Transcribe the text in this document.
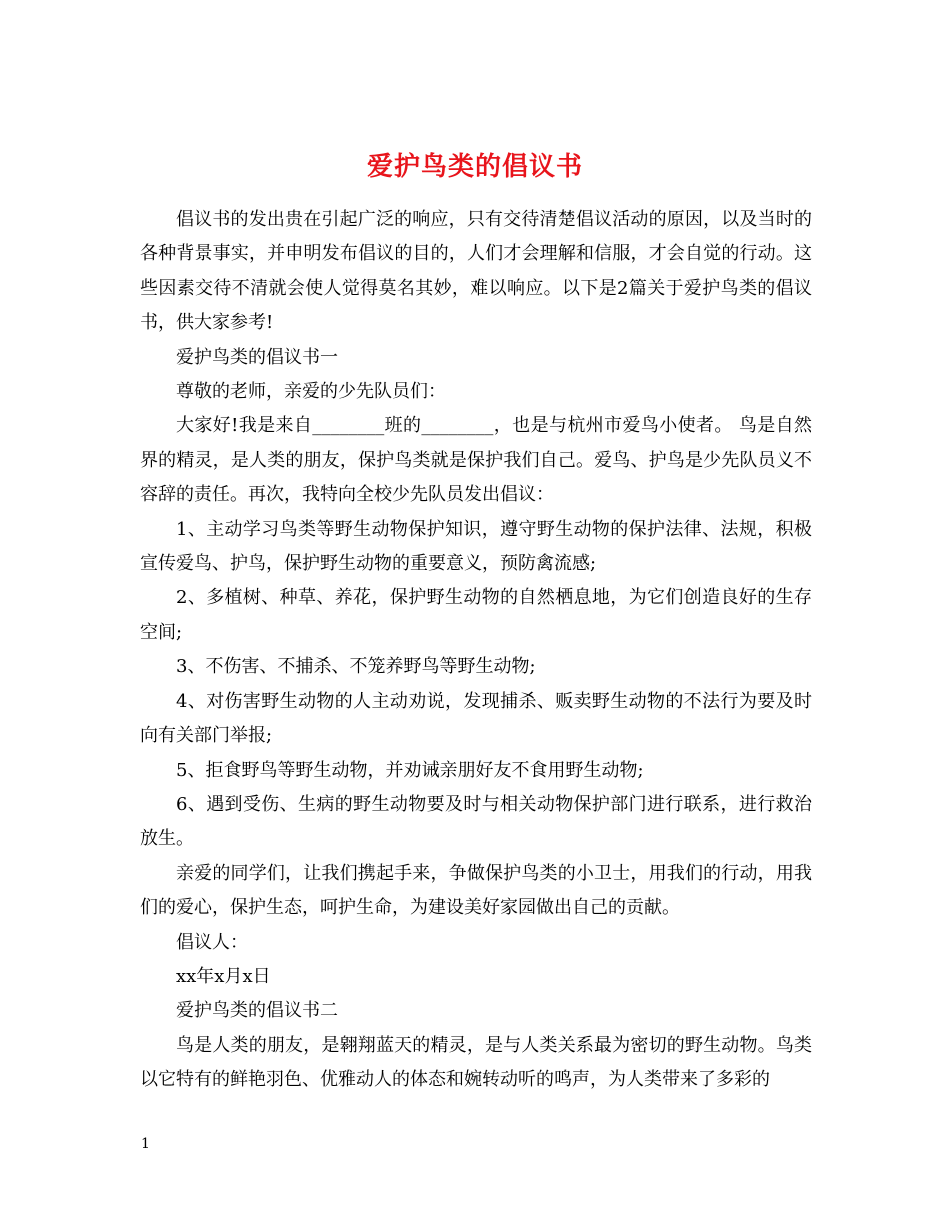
爱护鸟类的倡议书

倡议书的发出贵在引起广泛的响应，只有交待清楚倡议活动的原因，以及当时的各种背景事实，并申明发布倡议的目的，人们才会理解和信服，才会自觉的行动。这些因素交待不清就会使人觉得莫名其妙，难以响应。以下是2篇关于爱护鸟类的倡议书，供大家参考!

爱护鸟类的倡议书一

尊敬的老师，亲爱的少先队员们：

大家好!我是来自________班的________，也是与杭州市爱鸟小使者。 鸟是自然界的精灵，是人类的朋友，保护鸟类就是保护我们自己。爱鸟、护鸟是少先队员义不容辞的责任。再次，我特向全校少先队员发出倡议：

1、主动学习鸟类等野生动物保护知识，遵守野生动物的保护法律、法规，积极宣传爱鸟、护鸟，保护野生动物的重要意义，预防禽流感;

2、多植树、种草、养花，保护野生动物的自然栖息地，为它们创造良好的生存空间;

3、不伤害、不捕杀、不笼养野鸟等野生动物;

4、对伤害野生动物的人主动劝说，发现捕杀、贩卖野生动物的不法行为要及时向有关部门举报;

5、拒食野鸟等野生动物，并劝诫亲朋好友不食用野生动物;

6、遇到受伤、生病的野生动物要及时与相关动物保护部门进行联系，进行救治放生。

亲爱的同学们，让我们携起手来，争做保护鸟类的小卫士，用我们的行动，用我们的爱心，保护生态，呵护生命，为建设美好家园做出自己的贡献。

倡议人：

xx年x月x日

爱护鸟类的倡议书二

鸟是人类的朋友，是翱翔蓝天的精灵，是与人类关系最为密切的野生动物。鸟类以它特有的鲜艳羽色、优雅动人的体态和婉转动听的鸣声，为人类带来了多彩的

1
